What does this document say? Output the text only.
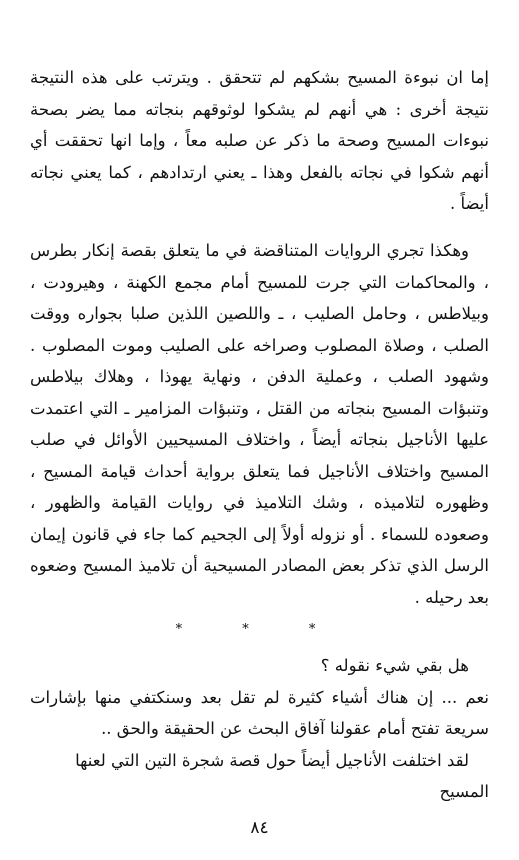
إما ان نبوءة المسيح بشكهم لم تتحقق . ويترتب على هذه النتيجة نتيجة أخرى : هي أنهم لم يشكوا لوثوقهم بنجاته مما يضر بصحة نبوءات المسيح وصحة ما ذكر عن صلبه معاً ، وإما انها تحققت أي أنهم شكوا في نجاته بالفعل وهذا ـ يعني ارتدادهم ، كما يعني نجاته أيضاً .

وهكذا تجري الروايات المتناقضة في ما يتعلق بقصة إنكار بطرس ، والمحاكمات التي جرت للمسيح أمام مجمع الكهنة ، وهيرودت ، وبيلاطس ، وحامل الصليب ، ـ واللصين اللذين صلبا بجواره ووقت الصلب ، وصلاة المصلوب وصراخه على الصليب وموت المصلوب . وشهود الصلب ، وعملية الدفن ، ونهاية يهوذا ، وهلاك بيلاطس وتنبؤات المسيح بنجاته من القتل ، وتنبؤات المزامير ـ التي اعتمدت عليها الأناجيل بنجاته أيضاً ، واختلاف المسيحيين الأوائل في صلب المسيح واختلاف الأناجيل فما يتعلق برواية أحداث قيامة المسيح ، وظهوره لتلاميذه ، وشك التلاميذ في روايات القيامة والظهور ، وصعوده للسماء . أو نزوله أولاً إلى الجحيم كما جاء في قانون إيمان الرسل الذي تذكر بعض المصادر المسيحية أن تلاميذ المسيح وضعوه بعد رحيله .

* * *

هل بقي شيء نقوله ؟

نعم ... إن هناك أشياء كثيرة لم تقل بعد وسنكتفي منها بإشارات سريعة تفتح أمام عقولنا آفاق البحث عن الحقيقة والحق ..

لقد اختلفت الأناجيل أيضاً حول قصة شجرة التين التي لعنها المسيح

٨٤
